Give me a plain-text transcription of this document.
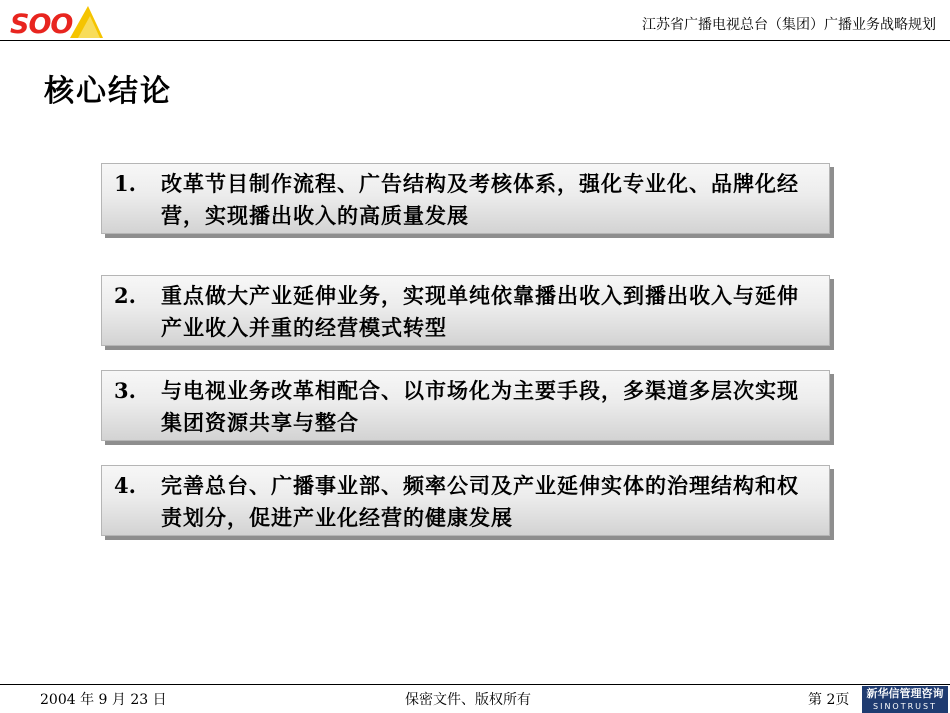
SOO	江苏省广播电视总台（集团）广播业务战略规划
核心结论
1.	改革节目制作流程、广告结构及考核体系，强化专业化、品牌化经营，实现播出收入的高质量发展
2.	重点做大产业延伸业务，实现单纯依靠播出收入到播出收入与延伸产业收入并重的经营模式转型
3.	与电视业务改革相配合、以市场化为主要手段，多渠道多层次实现集团资源共享与整合
4.	完善总台、广播事业部、频率公司及产业延伸实体的治理结构和权责划分，促进产业化经营的健康发展
2004 年 9 月 23 日	保密文件、版权所有	第 2页	新华信管理咨询
SINOTRUST
